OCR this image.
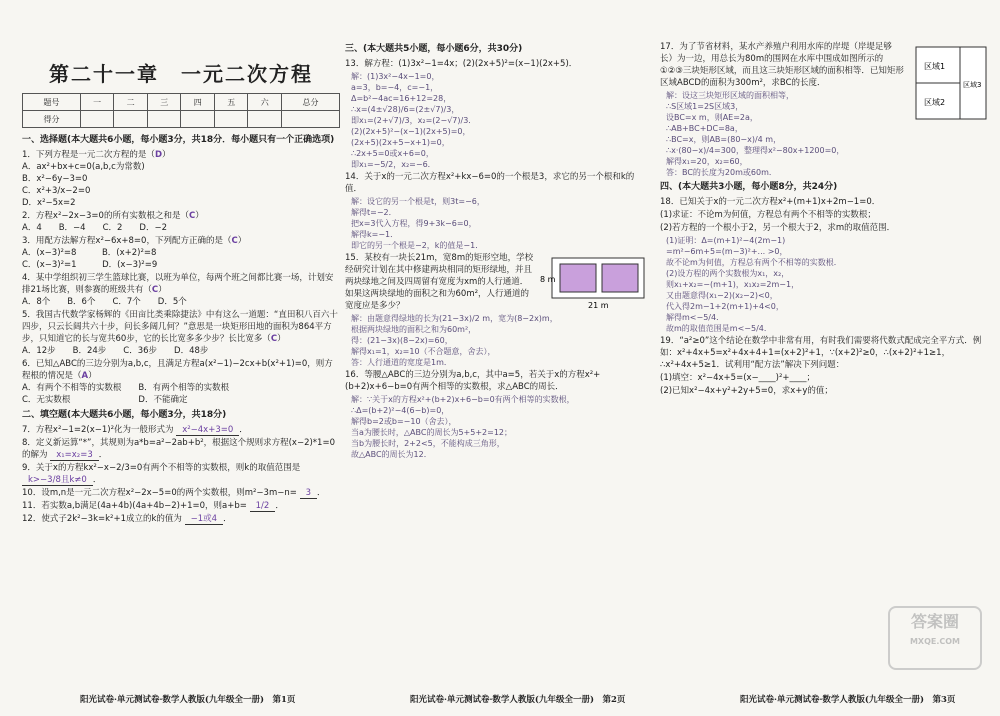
第二十一章　一元二次方程
题号	一	二	三	四	五	六	总分
得分							
一、选择题(本大题共6小题，每小题3分，共18分．每小题只有一个正确选项)
1．下列方程是一元二次方程的是（D）
A．ax²+bx+c=0(a,b,c为常数)
B．x²−6y−3=0
C．x²+3/x−2=0
D．x²−5x=2
2．方程x²−2x−3=0的所有实数根之和是（C）
A．4　　B．−4　　C．2　　D．−2
3．用配方法解方程x²−6x+8=0，下列配方正确的是（C）
A．(x−3)²=8　　　B．(x+2)²=8
C．(x−3)²=1　　　D．(x−3)²=9
4．某中学组织初三学生篮球比赛，以班为单位，每两个班之间都比赛一场，计划安排21场比赛，则参赛的班级共有（C）
A．8个　　B．6个　　C．7个　　D．5个
5．我国古代数学家杨辉的《田亩比类乘除捷法》中有这么一道题：“直田积八百六十四步，只云长阔共六十步，问长多阔几何？”意思是一块矩形田地的面积为864平方步，只知道它的长与宽共60步，它的长比宽多多少步？长比宽多（C）
A．12步　　B．24步　　C．36步　　D．48步
6．已知△ABC的三边分别为a,b,c，且满足方程a(x²−1)−2cx+b(x²+1)=0，则方程根的情况是（A）
A．有两个不相等的实数根　　B．有两个相等的实数根
C．无实数根　　　　　　　　D．不能确定
二、填空题(本大题共6小题，每小题3分，共18分)
7．方程x²−1=2(x−1)²化为一般形式为 x²−4x+3=0 ．
8．定义新运算“*”，其规则为a*b=a²−2ab+b²，根据这个规则求方程(x−2)*1=0的解为 x₁=x₂=3 ．
9．关于x的方程kx²−x−2/3=0有两个不相等的实数根，则k的取值范围是 k>−3/8且k≠0 ．
10．设m,n是一元二次方程x²−2x−5=0的两个实数根，则m²−3m−n= 3 ．
11．若实数a,b满足(4a+4b)(4a+4b−2)+1=0，则a+b= 1/2 ．
12．使式子2k²−3k=k²+1成立的k的值为 −1或4 ．
三、(本大题共5小题，每小题6分，共30分)
13．解方程：(1)3x²−1=4x；(2)(2x+5)²=(x−1)(2x+5)．
解：(1)3x²−4x−1=0，
a=3，b=−4，c=−1，
Δ=b²−4ac=16+12=28，
∴x=(4±√28)/6=(2±√7)/3，
即x₁=(2+√7)/3，x₂=(2−√7)/3．
(2)(2x+5)²−(x−1)(2x+5)=0，
(2x+5)(2x+5−x+1)=0，
∴2x+5=0或x+6=0，
即x₁=−5/2，x₂=−6．
14．关于x的一元二次方程x²+kx−6=0的一个根是3，求它的另一个根和k的值．
解：设它的另一个根是t，则3t=−6，
解得t=−2．
把x=3代入方程，得9+3k−6=0，
解得k=−1．
即它的另一个根是−2，k的值是−1．
8 m
21 m
15．某校有一块长21m，宽8m的矩形空地，学校经研究计划在其中修建两块相同的矩形绿地，并且两块绿地之间及四周留有宽度为xm的人行通道．如果这两块绿地的面积之和为60m²，人行通道的宽度应是多少？
解：由题意得绿地的长为(21−3x)/2 m，宽为(8−2x)m，
根据两块绿地的面积之和为60m²，
得：(21−3x)(8−2x)=60，
解得x₁=1，x₂=10（不合题意，舍去），
答：人行通道的宽度是1m．
16．等腰△ABC的三边分别为a,b,c，其中a=5，若关于x的方程x²+(b+2)x+6−b=0有两个相等的实数根，求△ABC的周长．
解：∵关于x的方程x²+(b+2)x+6−b=0有两个相等的实数根，
∴Δ=(b+2)²−4(6−b)=0，
解得b=2或b=−10（舍去），
当a为腰长时，△ABC的周长为5+5+2=12；
当b为腰长时，2+2<5，不能构成三角形，
故△ABC的周长为12．
区域1
区域2
区域3
17．为了节省材料，某水产养殖户利用水库的岸堤（岸堤足够长）为一边，用总长为80m的围网在水库中围成如图所示的①②③三块矩形区域，而且这三块矩形区域的面积相等．已知矩形区域ABCD的面积为300m²，求BC的长度．
解：设这三块矩形区域的面积相等，
∴S区域1=2S区域3，
设BC=x m，则AE=2a，
∴AB+BC+DC=8a，
∴BC=x，则AB=(80−x)/4 m，
∴x·(80−x)/4=300，整理得x²−80x+1200=0，
解得x₁=20，x₂=60，
答：BC的长度为20m或60m．
四、(本大题共3小题，每小题8分，共24分)
18．已知关于x的一元二次方程x²+(m+1)x+2m−1=0．
(1)求证：不论m为何值，方程总有两个不相等的实数根；
(2)若方程的一个根小于2，另一个根大于2，求m的取值范围．
(1)证明：Δ=(m+1)²−4(2m−1)
=m²−6m+5=(m−3)²+... >0，
故不论m为何值，方程总有两个不相等的实数根．
(2)设方程的两个实数根为x₁，x₂，
则x₁+x₂=−(m+1)，x₁x₂=2m−1，
又由题意得(x₁−2)(x₂−2)<0，
代入得2m−1+2(m+1)+4<0，
解得m<−5/4．
故m的取值范围是m<−5/4．
19．“a²≥0”这个结论在数学中非常有用，有时我们需要将代数式配成完全平方式．例如：x²+4x+5=x²+4x+4+1=(x+2)²+1，∵(x+2)²≥0，∴(x+2)²+1≥1，∴x²+4x+5≥1．试利用“配方法”解决下列问题：
(1)填空：x²−4x+5=(x−____)²+____；
(2)已知x²−4x+y²+2y+5=0，求x+y的值；
答案圈
MXQE.COM
阳光试卷·单元测试卷·数学人教版(九年级全一册)　第1页	阳光试卷·单元测试卷·数学人教版(九年级全一册)　第2页	阳光试卷·单元测试卷·数学人教版(九年级全一册)　第3页
